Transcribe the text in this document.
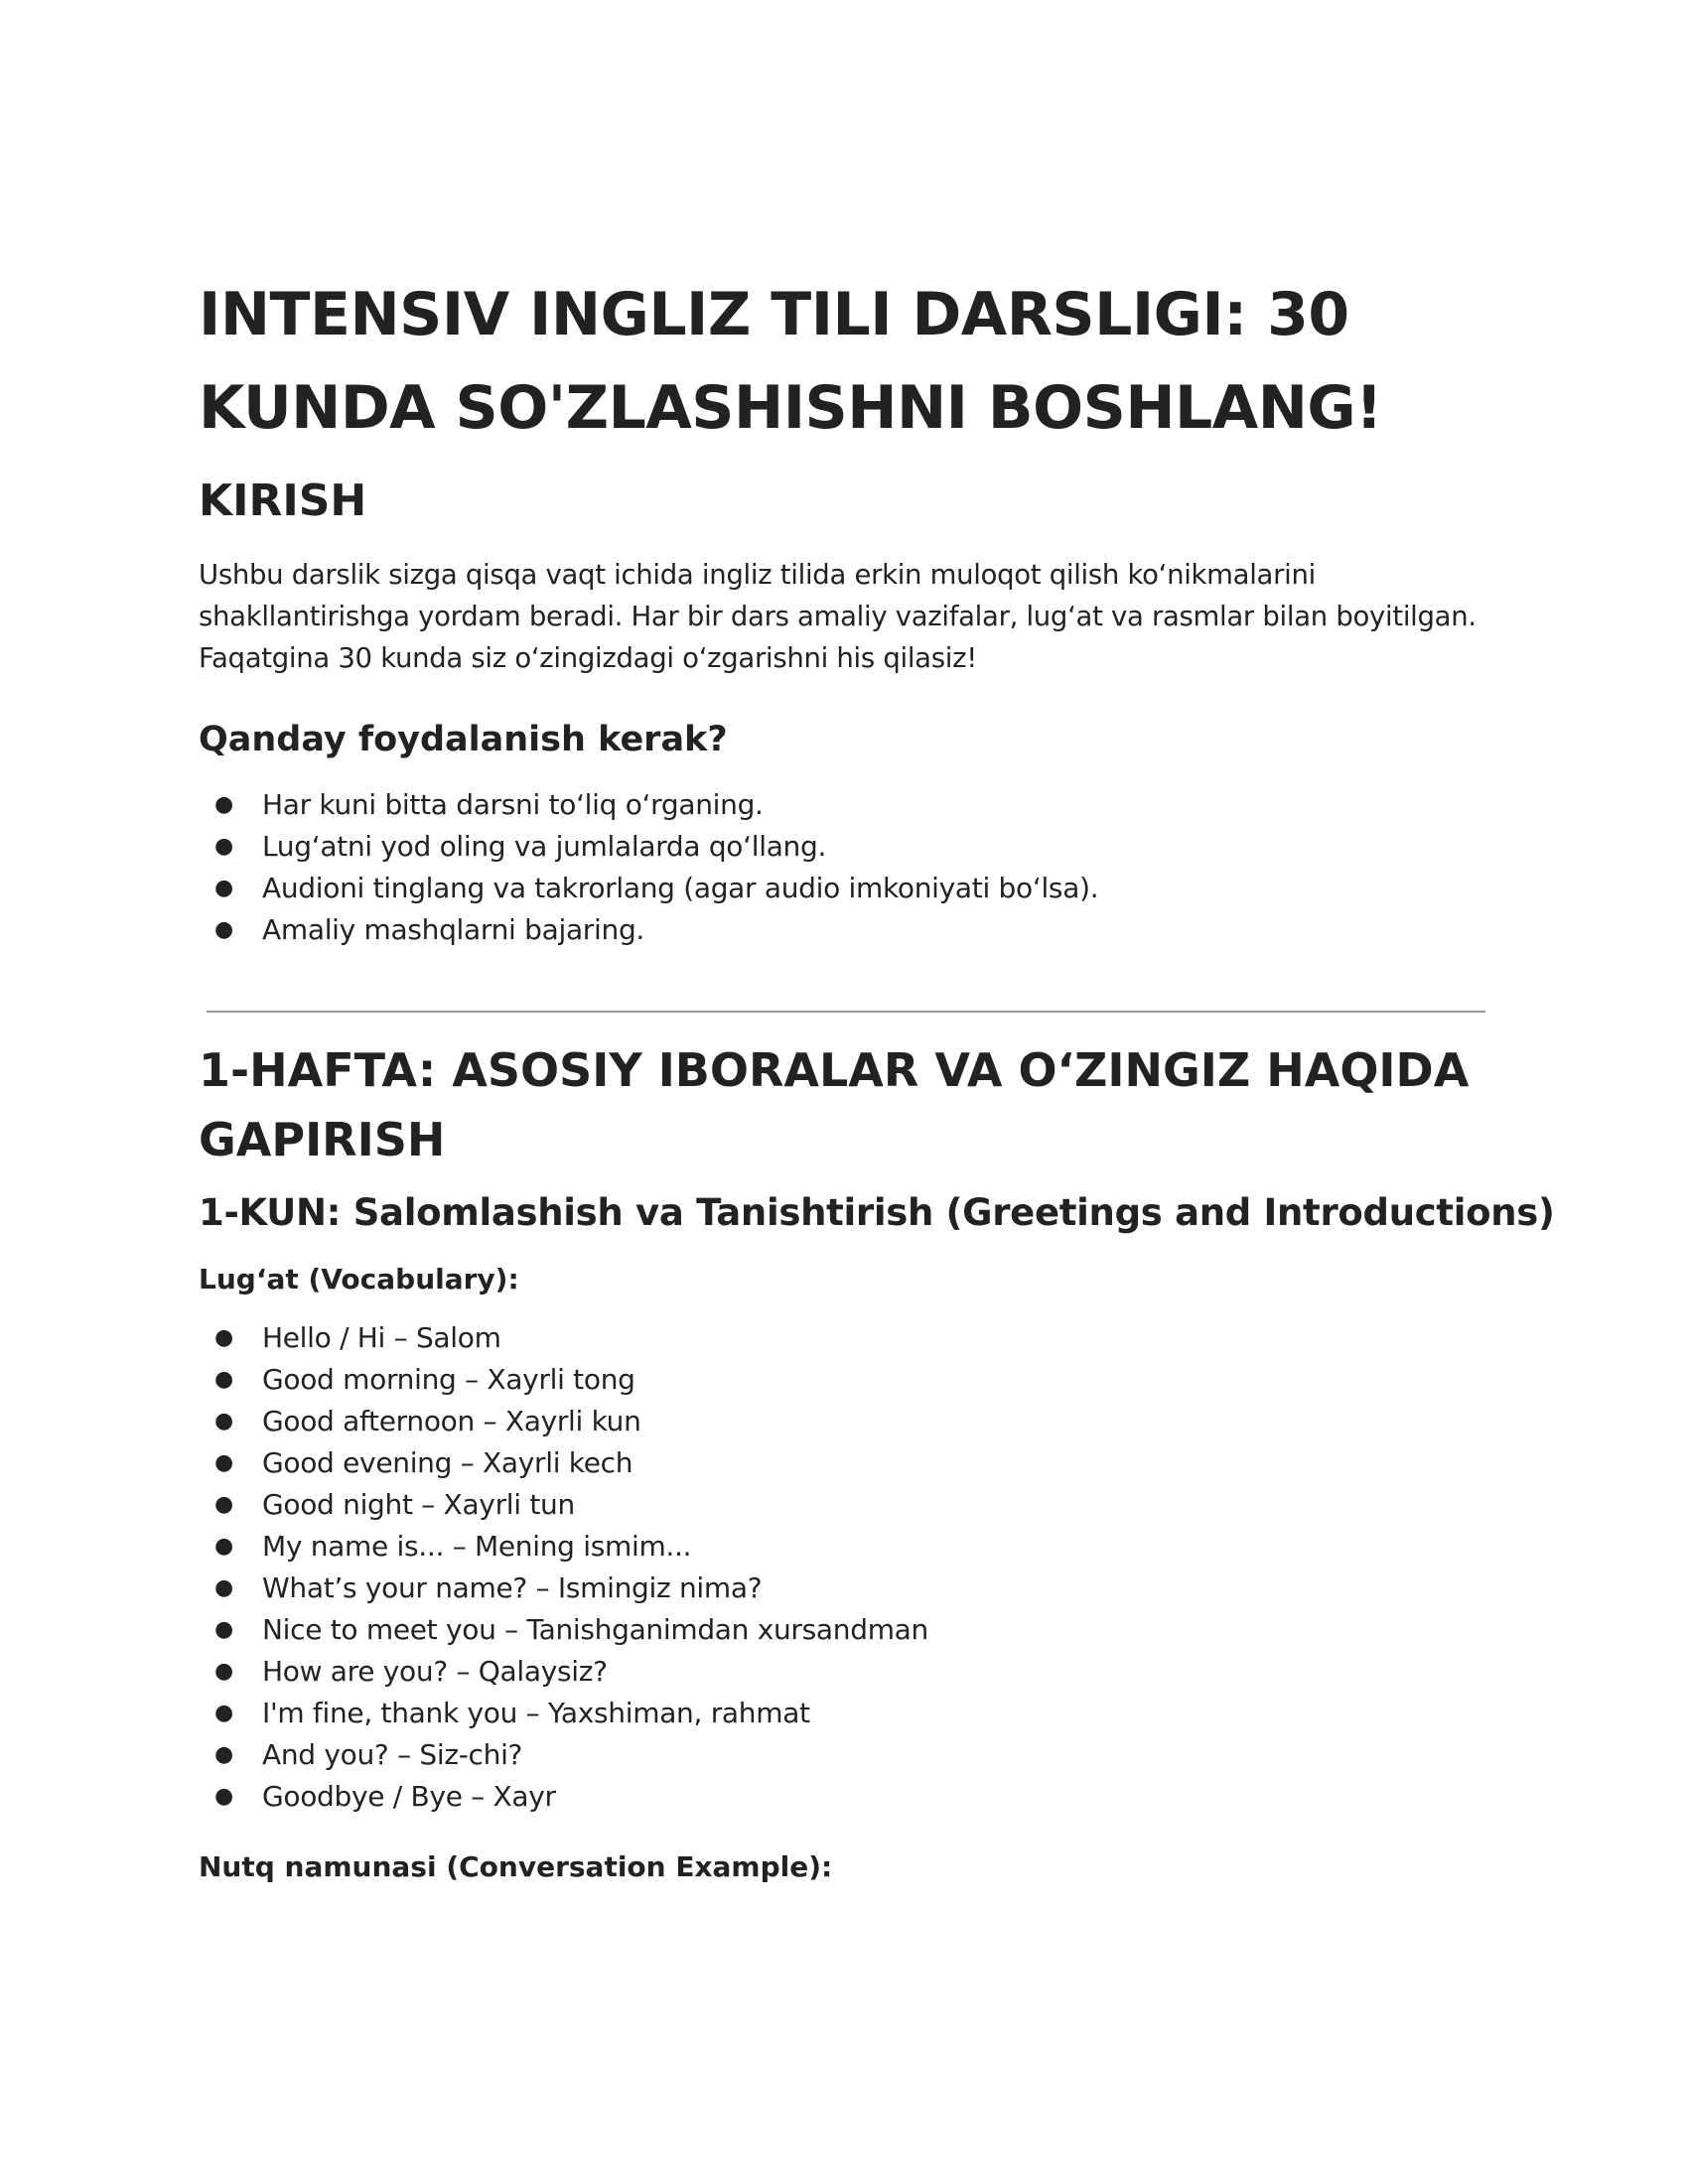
INTENSIV INGLIZ TILI DARSLIGI: 30
KUNDA SO'ZLASHISHNI BOSHLANG!
KIRISH

Ushbu darslik sizga qisqa vaqt ichida ingliz tilida erkin muloqot qilish ko‘nikmalarini
shakllantirishga yordam beradi. Har bir dars amaliy vazifalar, lug‘at va rasmlar bilan boyitilgan.
Faqatgina 30 kunda siz o‘zingizdagi o‘zgarishni his qilasiz!

Qanday foydalanish kerak?
● Har kuni bitta darsni to‘liq o‘rganing.
● Lug‘atni yod oling va jumlalarda qo‘llang.
● Audioni tinglang va takrorlang (agar audio imkoniyati bo‘lsa).
● Amaliy mashqlarni bajaring.
1-HAFTA: ASOSIY IBORALAR VA O‘ZINGIZ HAQIDA
GAPIRISH
1-KUN: Salomlashish va Tanishtirish (Greetings and Introductions)
Lug‘at (Vocabulary):
● Hello / Hi – Salom
● Good morning – Xayrli tong
● Good afternoon – Xayrli kun
● Good evening – Xayrli kech
● Good night – Xayrli tun
● My name is... – Mening ismim...
● What’s your name? – Ismingiz nima?
● Nice to meet you – Tanishganimdan xursandman
● How are you? – Qalaysiz?
● I'm fine, thank you – Yaxshiman, rahmat
● And you? – Siz-chi?
● Goodbye / Bye – Xayr
Nutq namunasi (Conversation Example):
